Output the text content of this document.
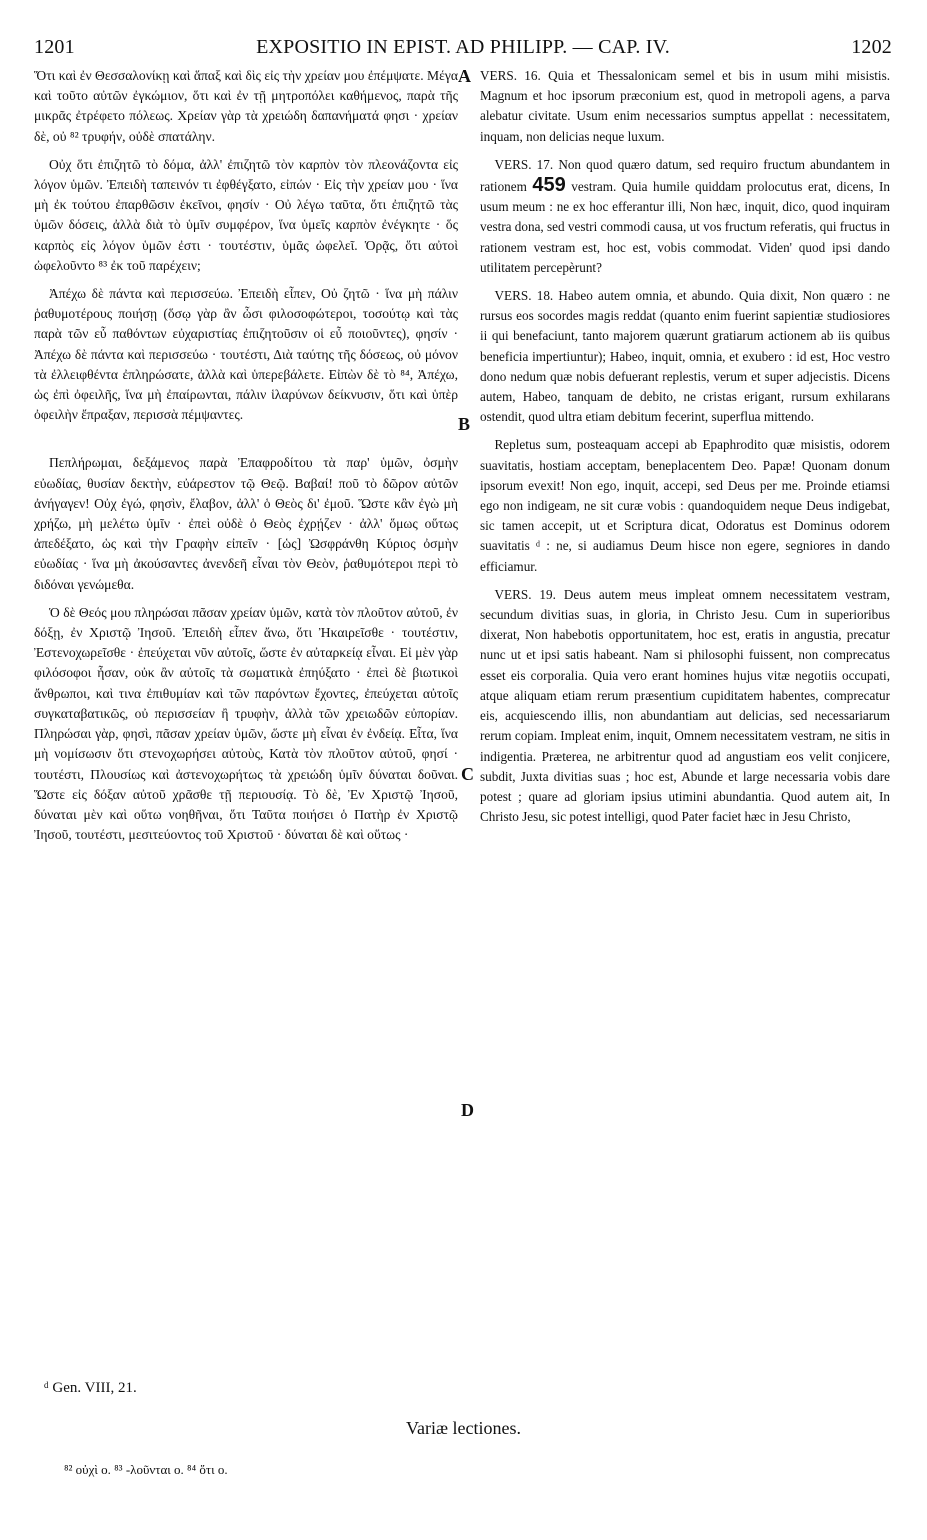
1201	EXPOSITIO IN EPIST. AD PHILIPP. — CAP. IV.	1202

Ὅτι καὶ ἐν Θεσσαλονίκῃ καὶ ἅπαξ καὶ δὶς εἰς τὴν χρείαν μου ἐπέμψατε. Μέγα καὶ τοῦτο αὐτῶν ἐγκώμιον, ὅτι καὶ ἐν τῇ μητροπόλει καθήμενος, παρὰ τῆς μικρᾶς ἐτρέφετο πόλεως. Χρείαν γὰρ τὰ χρειώδη δαπανήματά φησι · χρείαν δὲ, οὐ ⁸² τρυφήν, οὐδὲ σπατάλην.

Οὐχ ὅτι ἐπιζητῶ τὸ δόμα, ἀλλ' ἐπιζητῶ τὸν καρπὸν τὸν πλεονάζοντα εἰς λόγον ὑμῶν. Ἐπειδὴ ταπεινόν τι ἐφθέγξατο, εἰπών · Εἰς τὴν χρείαν μου · ἵνα μὴ ἐκ τούτου ἐπαρθῶσιν ἐκεῖνοι, φησίν · Οὐ λέγω ταῦτα, ὅτι ἐπιζητῶ τὰς ὑμῶν δόσεις, ἀλλὰ διὰ τὸ ὑμῖν συμφέρον, ἵνα ὑμεῖς καρπὸν ἐνέγκητε · ὅς καρπὸς εἰς λόγον ὑμῶν ἐστι · τουτέστιν, ὑμᾶς ὠφελεῖ. Ὁρᾷς, ὅτι αὐτοὶ ὠφελοῦντο ⁸³ ἐκ τοῦ παρέχειν;

Ἀπέχω δὲ πάντα καὶ περισσεύω. Ἐπειδὴ εἶπεν, Οὐ ζητῶ · ἵνα μὴ πάλιν ῥαθυμοτέρους ποιήσῃ (ὅσῳ γὰρ ἂν ὦσι φιλοσοφώτεροι, τοσούτῳ καὶ τὰς παρὰ τῶν εὖ παθόντων εὐχαριστίας ἐπιζητοῦσιν οἱ εὖ ποιοῦντες), φησίν · Ἀπέχω δὲ πάντα καὶ περισσεύω · τουτέστι, Διὰ ταύτης τῆς δόσεως, οὐ μόνον τὰ ἐλλειφθέντα ἐπληρώσατε, ἀλλὰ καὶ ὑπερεβάλετε. Εἰπὼν δὲ τὸ ⁸⁴, Ἀπέχω, ὡς ἐπὶ ὀφειλῆς, ἵνα μὴ ἐπαίρωνται, πάλιν ἱλαρύνων δείκνυσιν, ὅτι καὶ ὑπὲρ ὀφειλὴν ἔπραξαν, περισσὰ πέμψαντες.

Πεπλήρωμαι, δεξάμενος παρὰ Ἐπαφροδίτου τὰ παρ' ὑμῶν, ὀσμὴν εὐωδίας, θυσίαν δεκτὴν, εὐάρεστον τῷ Θεῷ. Βαβαί! ποῦ τὸ δῶρον αὐτῶν ἀνήγαγεν! Οὐχ ἐγώ, φησὶν, ἔλαβον, ἀλλ' ὁ Θεὸς δι' ἐμοῦ. Ὥστε κἂν ἐγὼ μὴ χρήζω, μὴ μελέτω ὑμῖν · ἐπεὶ οὐδὲ ὁ Θεὸς ἐχρῄζεν · ἀλλ' ὅμως οὕτως ἀπεδέξατο, ὡς καὶ τὴν Γραφὴν εἰπεῖν · [ὡς] Ὠσφράνθη Κύριος ὀσμὴν εὐωδίας · ἵνα μὴ ἀκούσαντες ἀνενδεῆ εἶναι τὸν Θεὸν, ῥαθυμότεροι περὶ τὸ διδόναι γενώμεθα.

Ὁ δὲ Θεός μου πληρώσαι πᾶσαν χρείαν ὑμῶν, κατὰ τὸν πλοῦτον αὐτοῦ, ἐν δόξῃ, ἐν Χριστῷ Ἰησοῦ. Ἐπειδὴ εἶπεν ἄνω, ὅτι Ἠκαιρεῖσθε · τουτέστιν, Ἐστενοχωρεῖσθε · ἐπεύχεται νῦν αὐτοῖς, ὥστε ἐν αὐταρκείᾳ εἶναι. Εἰ μὲν γὰρ φιλόσοφοι ἦσαν, οὐκ ἂν αὐτοῖς τὰ σωματικὰ ἐπηύξατο · ἐπεὶ δὲ βιωτικοὶ ἄνθρωποι, καὶ τινα ἐπιθυμίαν καὶ τῶν παρόντων ἔχοντες, ἐπεύχεται αὐτοῖς συγκαταβατικῶς, οὐ περισσείαν ἢ τρυφὴν, ἀλλὰ τῶν χρειωδῶν εὐπορίαν. Πληρώσαι γὰρ, φησὶ, πᾶσαν χρείαν ὑμῶν, ὥστε μὴ εἶναι ἐν ἐνδείᾳ. Εἶτα, ἵνα μὴ νομίσωσιν ὅτι στενοχωρήσει αὐτοὺς, Κατὰ τὸν πλοῦτον αὐτοῦ, φησί · τουτέστι, Πλουσίως καὶ ἀστενοχωρήτως τὰ χρειώδη ὑμῖν δύναται δοῦναι. Ὥστε εἰς δόξαν αὐτοῦ χρᾶσθε τῇ περιουσίᾳ. Τὸ δὲ, Ἐν Χριστῷ Ἰησοῦ, δύναται μὲν καὶ οὕτω νοηθῆναι, ὅτι Ταῦτα ποιήσει ὁ Πατὴρ ἐν Χριστῷ Ἰησοῦ, τουτέστι, μεσιτεύοντος τοῦ Χριστοῦ · δύναται δὲ καὶ οὕτως ·

VERS. 16. Quia et Thessalonicam semel et bis in usum mihi misistis. Magnum et hoc ipsorum præconium est, quod in metropoli agens, a parva alebatur civitate. Usum enim necessarios sumptus appellat : necessitatem, inquam, non delicias neque luxum.

VERS. 17. Non quod quæro datum, sed requiro fructum abundantem in rationem 459 vestram. Quia humile quiddam prolocutus erat, dicens, In usum meum : ne ex hoc efferantur illi, Non hæc, inquit, dico, quod inquiram vestra dona, sed vestri commodi causa, ut vos fructum referatis, qui fructus in rationem vestram est, hoc est, vobis commodat. Viden' quod ipsi dando utilitatem percepèrunt?

VERS. 18. Habeo autem omnia, et abundo. Quia dixit, Non quæro : ne rursus eos socordes magis reddat (quanto enim fuerint sapientiæ studiosiores ii qui benefaciunt, tanto majorem quærunt gratiarum actionem ab iis quibus beneficia impertiuntur); Habeo, inquit, omnia, et exubero : id est, Hoc vestro dono nedum quæ nobis defuerant replestis, verum et super adjecistis. Dicens autem, Habeo, tanquam de debito, ne cristas erigant, rursum exhilarans ostendit, quod ultra etiam debitum fecerint, superflua mittendo.

Repletus sum, posteaquam accepi ab Epaphrodito quæ misistis, odorem suavitatis, hostiam acceptam, beneplacentem Deo. Papæ! Quonam donum ipsorum evexit! Non ego, inquit, accepi, sed Deus per me. Proinde etiamsi ego non indigeam, ne sit curæ vobis : quandoquidem neque Deus indigebat, sic tamen accepit, ut et Scriptura dicat, Odoratus est Dominus odorem suavitatis ᵈ : ne, si audiamus Deum hisce non egere, segniores in dando efficiamur.

VERS. 19. Deus autem meus impleat omnem necessitatem vestram, secundum divitias suas, in gloria, in Christo Jesu. Cum in superioribus dixerat, Non habebotis opportunitatem, hoc est, eratis in angustia, precatur nunc ut et ipsi satis habeant. Nam si philosophi fuissent, non comprecatus esset eis corporalia. Quia vero erant homines hujus vitæ negotiis occupati, atque aliquam etiam rerum præsentium cupiditatem habentes, comprecatur eis, acquiescendo illis, non abundantiam aut delicias, sed necessariarum rerum copiam. Impleat enim, inquit, Omnem necessitatem vestram, ne sitis in indigentia. Præterea, ne arbitrentur quod ad angustiam eos velit conjicere, subdit, Juxta divitias suas ; hoc est, Abunde et large necessaria vobis dare potest ; quare ad gloriam ipsius utimini abundantia. Quod autem ait, In Christo Jesu, sic potest intelligi, quod Pater faciet hæc in Jesu Christo,

A
B
C
D
ᵈ Gen. VIII, 21.
Variæ lectiones.
⁸² οὐχὶ ο. ⁸³ -λοῦνται ο. ⁸⁴ ὅτι ο.
